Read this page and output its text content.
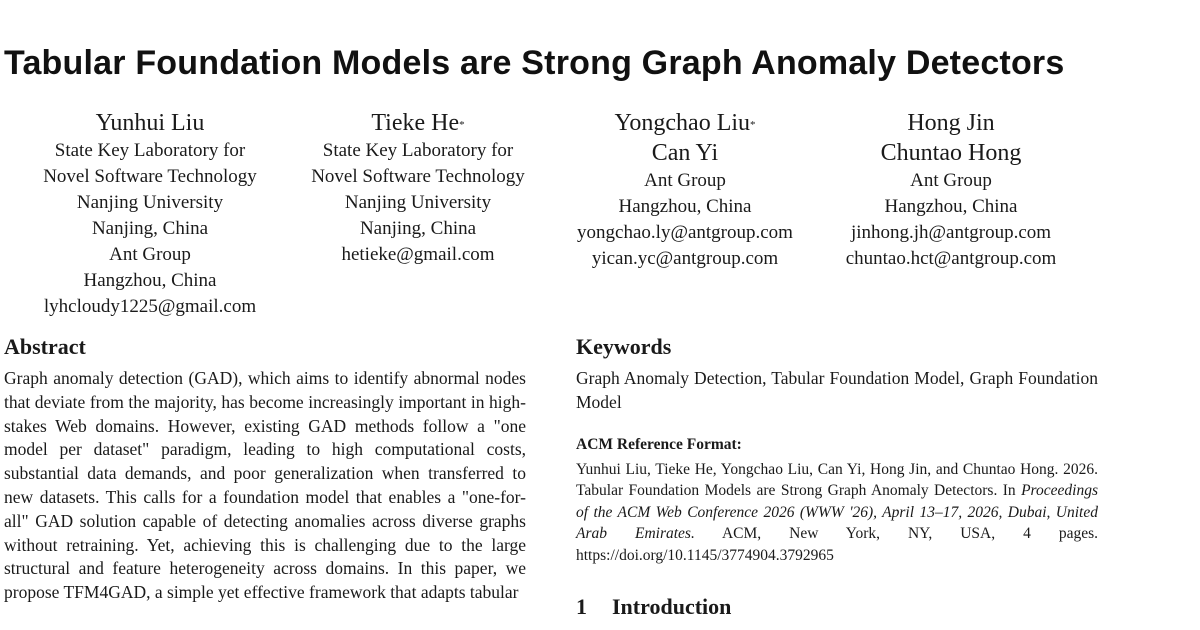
Tabular Foundation Models are Strong Graph Anomaly Detectors
Yunhui Liu
State Key Laboratory for
Novel Software Technology
Nanjing University
Nanjing, China
Ant Group
Hangzhou, China
lyhcloudy1225@gmail.com
Tieke He*
State Key Laboratory for
Novel Software Technology
Nanjing University
Nanjing, China
hetieke@gmail.com
Yongchao Liu*
Can Yi
Ant Group
Hangzhou, China
yongchao.ly@antgroup.com
yican.yc@antgroup.com
Hong Jin
Chuntao Hong
Ant Group
Hangzhou, China
jinhong.jh@antgroup.com
chuntao.hct@antgroup.com
Abstract

Graph anomaly detection (GAD), which aims to identify abnormal nodes that deviate from the majority, has become increasingly important in high-stakes Web domains. However, existing GAD methods follow a "one model per dataset" paradigm, leading to high computational costs, substantial data demands, and poor generalization when transferred to new datasets. This calls for a foundation model that enables a "one-for-all" GAD solution capable of detecting anomalies across diverse graphs without retraining. Yet, achieving this is challenging due to the large structural and feature heterogeneity across domains. In this paper, we propose TFM4GAD, a simple yet effective framework that adapts tabular

Keywords

Graph Anomaly Detection, Tabular Foundation Model, Graph Foundation Model

ACM Reference Format:

Yunhui Liu, Tieke He, Yongchao Liu, Can Yi, Hong Jin, and Chuntao Hong. 2026. Tabular Foundation Models are Strong Graph Anomaly Detectors. In Proceedings of the ACM Web Conference 2026 (WWW '26), April 13–17, 2026, Dubai, United Arab Emirates. ACM, New York, NY, USA, 4 pages. https://doi.org/10.1145/3774904.3792965

1 Introduction
